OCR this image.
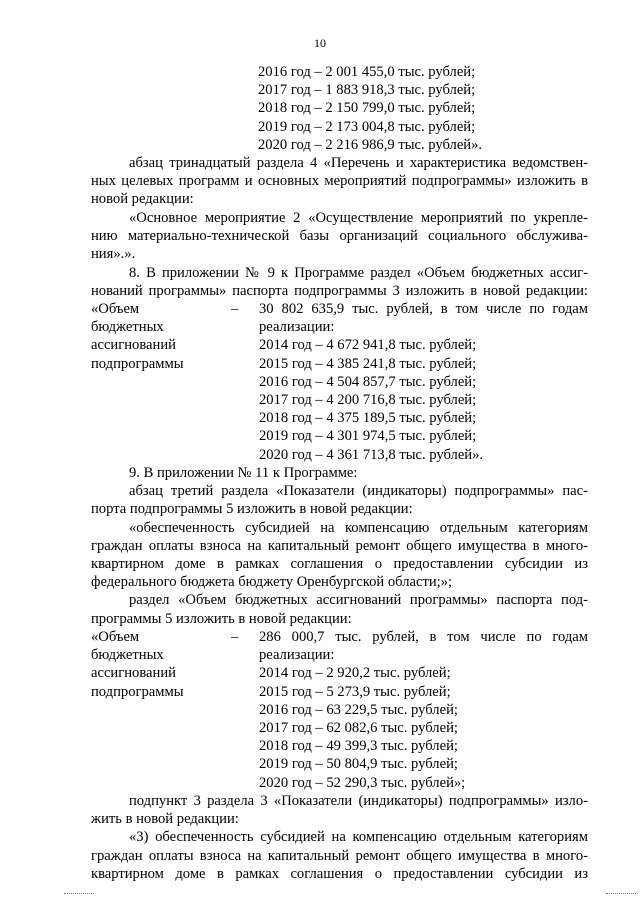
10
2016 год – 2 001 455,0 тыс. рублей;
2017 год – 1 883 918,3 тыс. рублей;
2018 год – 2 150 799,0 тыс. рублей;
2019 год – 2 173 004,8 тыс. рублей;
2020 год – 2 216 986,9 тыс. рублей».
абзац тринадцатый раздела 4 «Перечень и характеристика ведомствен-
ных целевых программ и основных мероприятий подпрограммы» изложить в
новой редакции:
«Основное мероприятие 2 «Осуществление мероприятий по укрепле-
нию материально-технической базы организаций социального обслужива-
ния».».
8. В приложении № 9 к Программе раздел «Объем бюджетных ассиг-
нований программы» паспорта подпрограммы 3 изложить в новой редакции:
«Объем
бюджетных
ассигнований
подпрограммы
–	30 802 635,9 тыс. рублей, в том числе по годам
реализации:
2014 год – 4 672 941,8 тыс. рублей;
2015 год – 4 385 241,8 тыс. рублей;
2016 год – 4 504 857,7 тыс. рублей;
2017 год – 4 200 716,8 тыс. рублей;
2018 год – 4 375 189,5 тыс. рублей;
2019 год – 4 301 974,5 тыс. рублей;
2020 год – 4 361 713,8 тыс. рублей».
9. В приложении № 11 к Программе:
абзац третий раздела «Показатели (индикаторы) подпрограммы» пас-
порта подпрограммы 5 изложить в новой редакции:
«обеспеченность субсидией на компенсацию отдельным категориям
граждан оплаты взноса на капитальный ремонт общего имущества в много-
квартирном доме в рамках соглашения о предоставлении субсидии из
федерального бюджета бюджету Оренбургской области;»;
раздел «Объем бюджетных ассигнований программы» паспорта под-
программы 5 изложить в новой редакции:
«Объем
бюджетных
ассигнований
подпрограммы
–	286 000,7 тыс. рублей, в том числе по годам
реализации:
2014 год – 2 920,2 тыс. рублей;
2015 год – 5 273,9 тыс. рублей;
2016 год – 63 229,5 тыс. рублей;
2017 год – 62 082,6 тыс. рублей;
2018 год – 49 399,3 тыс. рублей;
2019 год – 50 804,9 тыс. рублей;
2020 год – 52 290,3 тыс. рублей»;
подпункт 3 раздела 3 «Показатели (индикаторы) подпрограммы» изло-
жить в новой редакции:
«3) обеспеченность субсидией на компенсацию отдельным категориям
граждан оплаты взноса на капитальный ремонт общего имущества в много-
квартирном доме в рамках соглашения о предоставлении субсидии из
